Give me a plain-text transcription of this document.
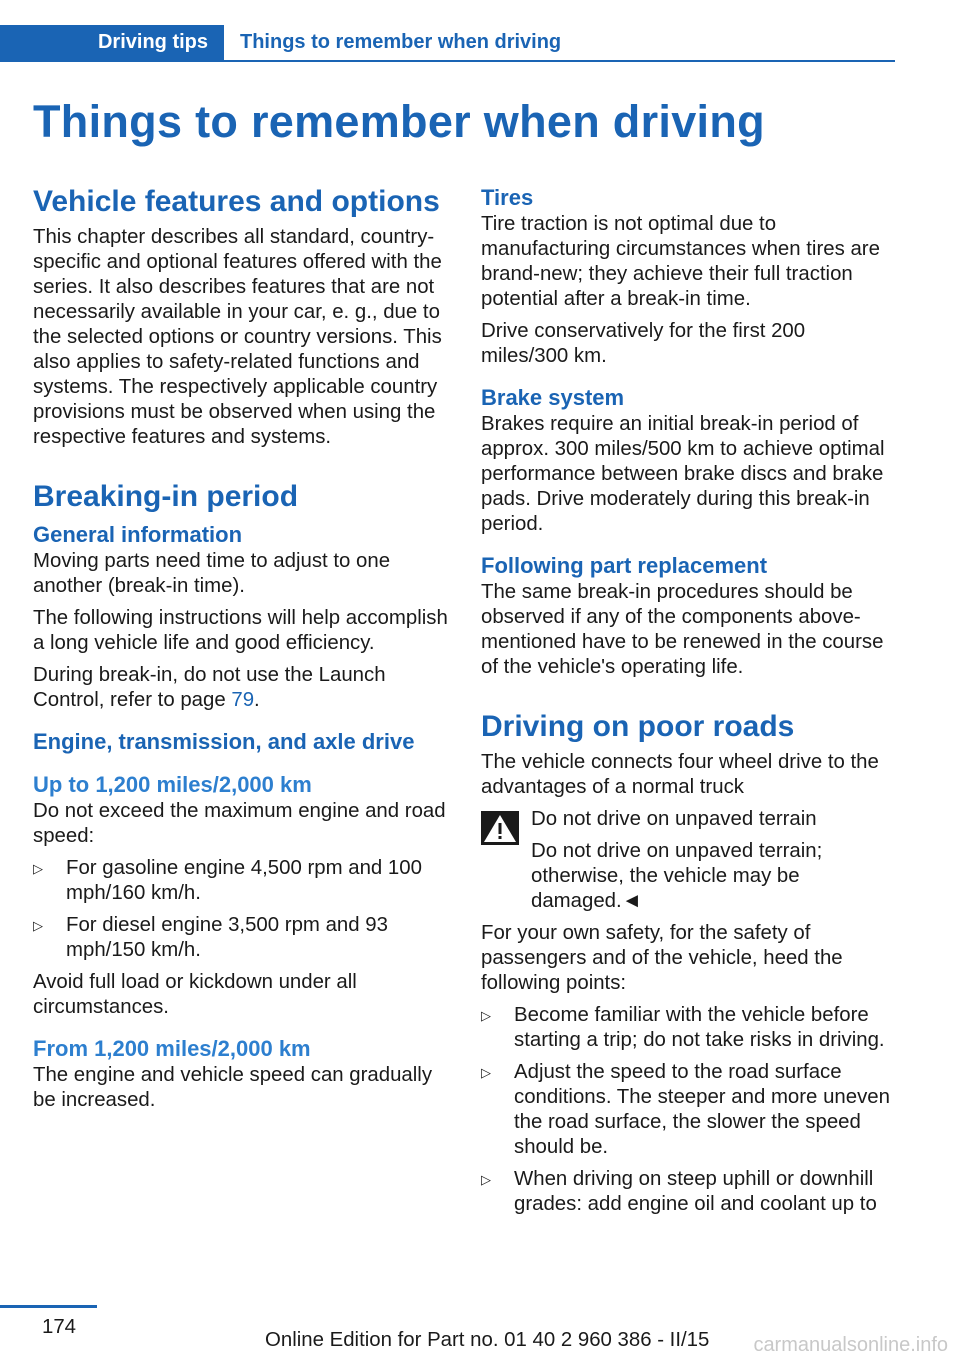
Driving tips	Things to remember when driving
Things to remember when driving
Vehicle features and options

This chapter describes all standard, country-specific and optional features offered with the series. It also describes features that are not necessarily available in your car, e. g., due to the selected options or country versions. This also applies to safety-related functions and systems. The respectively applicable country provisions must be observed when using the respective features and systems.

Breaking-in period
General information

Moving parts need time to adjust to one another (break-in time).

The following instructions will help accomplish a long vehicle life and good efficiency.

During break-in, do not use the Launch Control, refer to page 79.

Engine, transmission, and axle drive
Up to 1,200 miles/2,000 km

Do not exceed the maximum engine and road speed:

▷ For gasoline engine 4,500 rpm and 100 mph/160 km/h.
▷ For diesel engine 3,500 rpm and 93 mph/150 km/h.

Avoid full load or kickdown under all circumstances.

From 1,200 miles/2,000 km

The engine and vehicle speed can gradually be increased.

Tires

Tire traction is not optimal due to manufacturing circumstances when tires are brand-new; they achieve their full traction potential after a break-in time.

Drive conservatively for the first 200 miles/300 km.

Brake system

Brakes require an initial break-in period of approx. 300 miles/500 km to achieve optimal performance between brake discs and brake pads. Drive moderately during this break-in period.

Following part replacement

The same break-in procedures should be observed if any of the components above-mentioned have to be renewed in the course of the vehicle's operating life.

Driving on poor roads

The vehicle connects four wheel drive to the advantages of a normal truck

Do not drive on unpaved terrain

Do not drive on unpaved terrain; otherwise, the vehicle may be damaged.◄

For your own safety, for the safety of passengers and of the vehicle, heed the following points:

▷ Become familiar with the vehicle before starting a trip; do not take risks in driving.
▷ Adjust the speed to the road surface conditions. The steeper and more uneven the road surface, the slower the speed should be.
▷ When driving on steep uphill or downhill grades: add engine oil and coolant up to
174
Online Edition for Part no. 01 40 2 960 386 - II/15 carmanualsonline.info
